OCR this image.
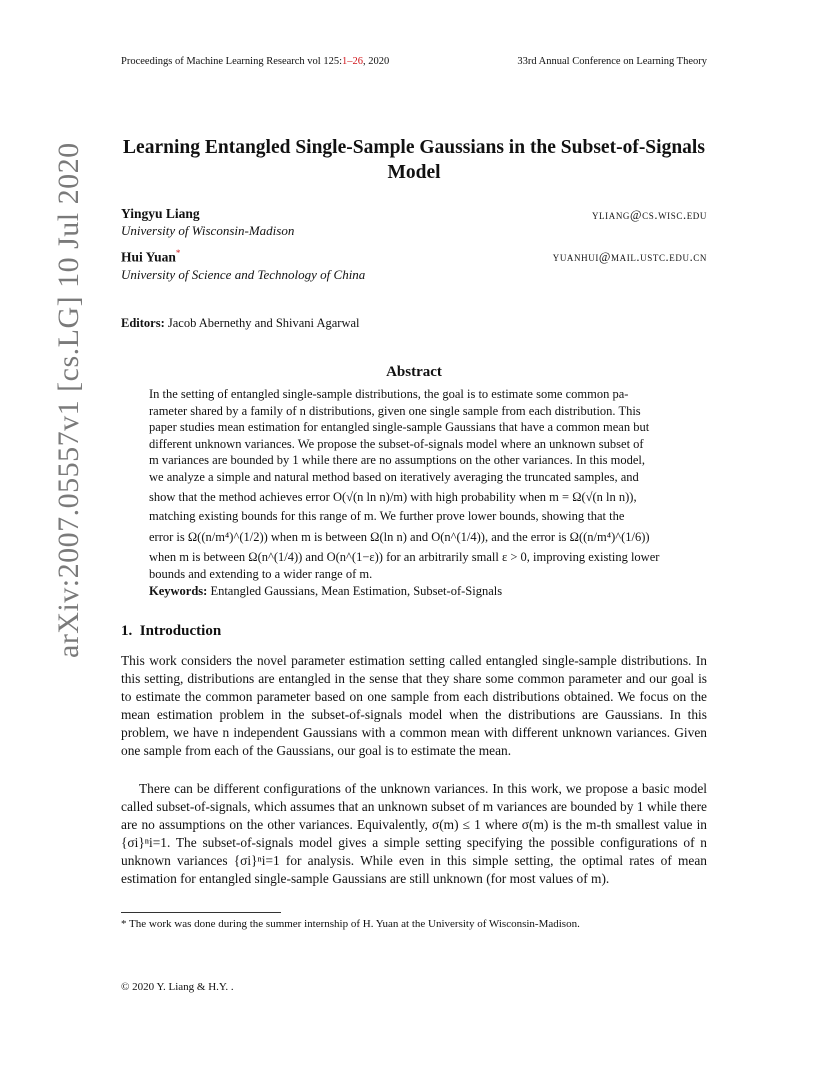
Proceedings of Machine Learning Research vol 125:1–26, 2020	33rd Annual Conference on Learning Theory
Learning Entangled Single-Sample Gaussians in the Subset-of-Signals Model
Yingyu Liang	yliang@cs.wisc.edu
University of Wisconsin-Madison
Hui Yuan*	yuanhui@mail.ustc.edu.cn
University of Science and Technology of China
Editors: Jacob Abernethy and Shivani Agarwal
Abstract
In the setting of entangled single-sample distributions, the goal is to estimate some common pa-
rameter shared by a family of n distributions, given one single sample from each distribution. This
paper studies mean estimation for entangled single-sample Gaussians that have a common mean but
different unknown variances. We propose the subset-of-signals model where an unknown subset of
m variances are bounded by 1 while there are no assumptions on the other variances. In this model,
we analyze a simple and natural method based on iteratively averaging the truncated samples, and
show that the method achieves error O(√(n ln n)/m) with high probability when m = Ω(√(n ln n)),
matching existing bounds for this range of m. We further prove lower bounds, showing that the
error is Ω((n/m⁴)^(1/2)) when m is between Ω(ln n) and O(n^(1/4)), and the error is Ω((n/m⁴)^(1/6))
when m is between Ω(n^(1/4)) and O(n^(1−ε)) for an arbitrarily small ε > 0, improving existing lower
bounds and extending to a wider range of m.
Keywords: Entangled Gaussians, Mean Estimation, Subset-of-Signals
1. Introduction
This work considers the novel parameter estimation setting called entangled single-sample distributions. In this setting, distributions are entangled in the sense that they share some common parameter and our goal is to estimate the common parameter based on one sample from each distributions obtained. We focus on the mean estimation problem in the subset-of-signals model when the distributions are Gaussians. In this problem, we have n independent Gaussians with a common mean with different unknown variances. Given one sample from each of the Gaussians, our goal is to estimate the mean.
There can be different configurations of the unknown variances. In this work, we propose a basic model called subset-of-signals, which assumes that an unknown subset of m variances are bounded by 1 while there are no assumptions on the other variances. Equivalently, σ(m) ≤ 1 where σ(m) is the m-th smallest value in {σi}ⁿi=1. The subset-of-signals model gives a simple setting specifying the possible configurations of n unknown variances {σi}ⁿi=1 for analysis. While even in this simple setting, the optimal rates of mean estimation for entangled single-sample Gaussians are still unknown (for most values of m).
* The work was done during the summer internship of H. Yuan at the University of Wisconsin-Madison.
© 2020 Y. Liang & H.Y. .
arXiv:2007.05557v1 [cs.LG] 10 Jul 2020
